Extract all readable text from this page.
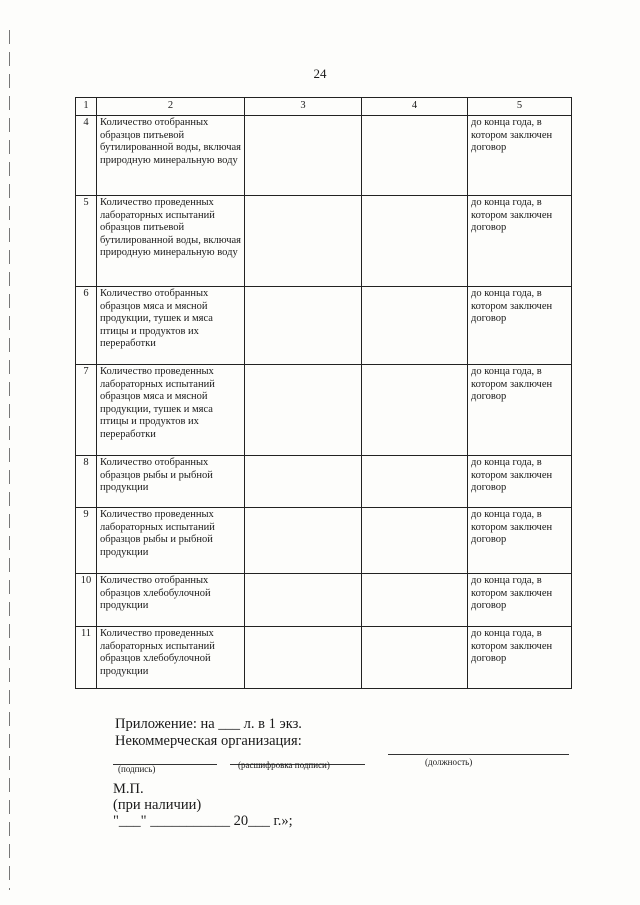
24
1	2	3	4	5
4	Количество отобранных образцов питьевой бутилированной воды, включая природную минеральную воду			до конца года, в котором заключен договор
5	Количество проведенных лабораторных испытаний образцов питьевой бутилированной воды, включая природную минеральную воду			до конца года, в котором заключен договор
6	Количество отобранных образцов мяса и мясной продукции, тушек и мяса птицы и продуктов их переработки			до конца года, в котором заключен договор
7	Количество проведенных лабораторных испытаний образцов мяса и мясной продукции, тушек и мяса птицы и продуктов их переработки			до конца года, в котором заключен договор
8	Количество отобранных образцов рыбы и рыбной продукции			до конца года, в котором заключен договор
9	Количество проведенных лабораторных испытаний образцов рыбы и рыбной продукции			до конца года, в котором заключен договор
10	Количество отобранных образцов хлебобулочной продукции			до конца года, в котором заключен договор
11	Количество проведенных лабораторных испытаний образцов хлебобулочной продукции			до конца года, в котором заключен договор
Приложение: на ___ л. в 1 экз.
Некоммерческая организация:
(подпись)	(расшифровка подписи)	(должность)
М.П.
(при наличии)
"___" ___________ 20___ г.»;
